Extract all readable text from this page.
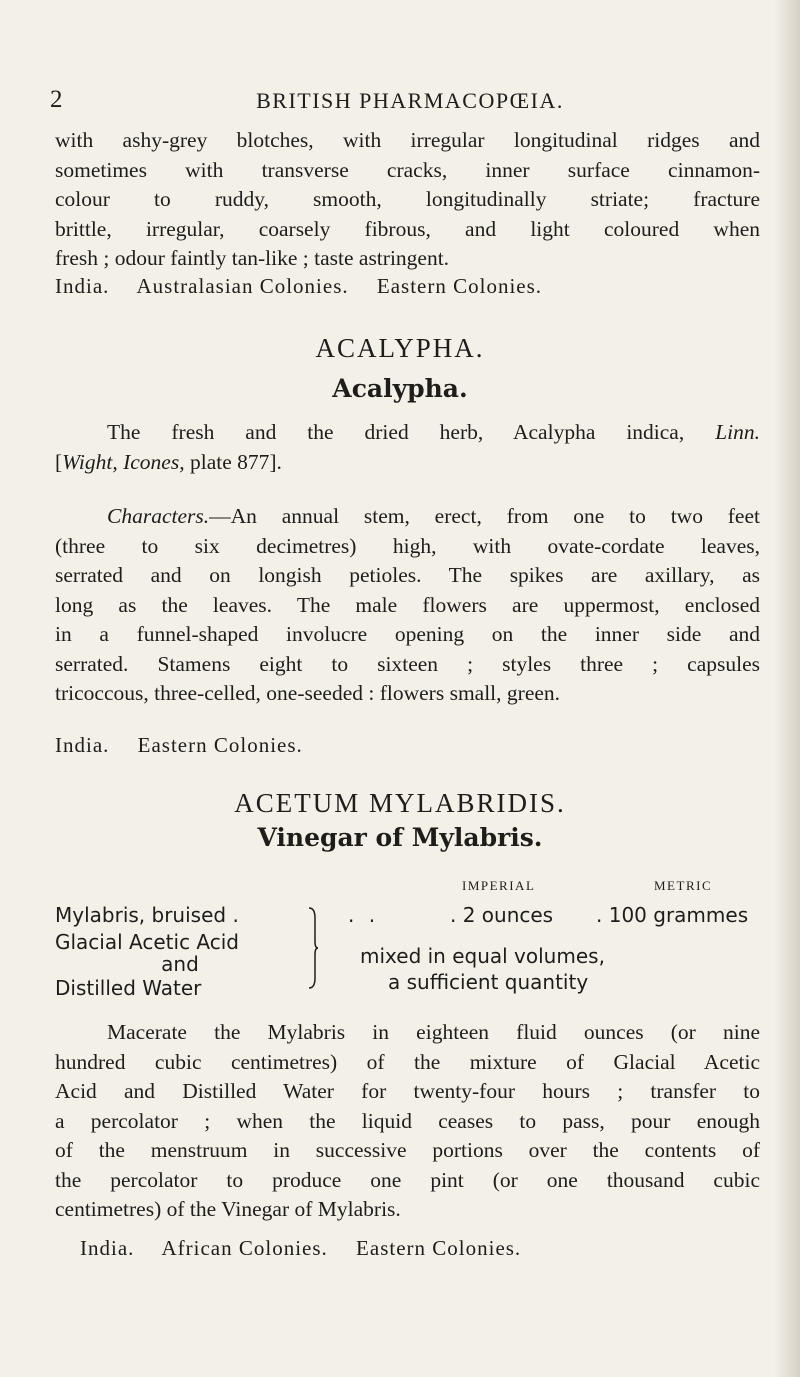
2	BRITISH PHARMACOPŒIA.
with ashy-grey blotches, with irregular longitudinal ridges and
sometimes with transverse cracks, inner surface cinnamon-
colour to ruddy, smooth, longitudinally striate; fracture
brittle, irregular, coarsely fibrous, and light coloured when
fresh ; odour faintly tan-like ; taste astringent.
India. Australasian Colonies. Eastern Colonies.
ACALYPHA.
Acalypha.
The fresh and the dried herb, Acalypha indica, Linn.
[Wight, Icones, plate 877].
Characters.—An annual stem, erect, from one to two feet
(three to six decimetres) high, with ovate-cordate leaves,
serrated and on longish petioles. The spikes are axillary, as
long as the leaves. The male flowers are uppermost, enclosed
in a funnel-shaped involucre opening on the inner side and
serrated. Stamens eight to sixteen ; styles three ; capsules
tricoccous, three-celled, one-seeded : flowers small, green.
India. Eastern Colonies.
ACETUM MYLABRIDIS.
Vinegar of Mylabris.
IMPERIAL	METRIC
Mylabris, bruised .	. .	. 2 ounces . 100 grammes
Glacial Acetic Acid
and
Distilled Water
mixed in equal volumes,
a sufficient quantity
Macerate the Mylabris in eighteen fluid ounces (or nine
hundred cubic centimetres) of the mixture of Glacial Acetic
Acid and Distilled Water for twenty-four hours ; transfer to
a percolator ; when the liquid ceases to pass, pour enough
of the menstruum in successive portions over the contents of
the percolator to produce one pint (or one thousand cubic
centimetres) of the Vinegar of Mylabris.
India. African Colonies. Eastern Colonies.
